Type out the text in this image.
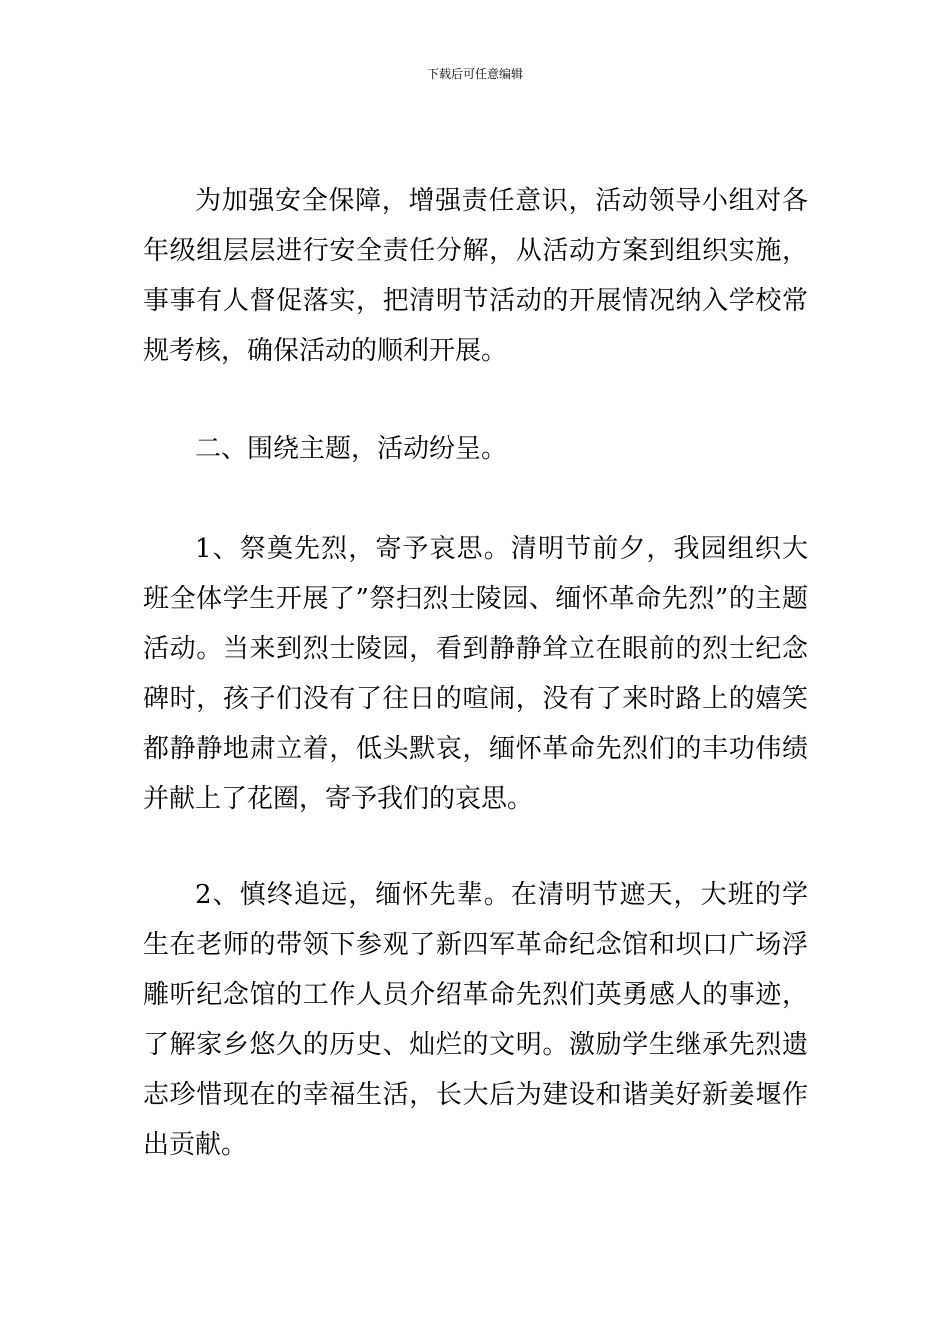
下载后可任意编辑

为加强安全保障，增强责任意识，活动领导小组对各年级组层层进行安全责任分解，从活动方案到组织实施，事事有人督促落实，把清明节活动的开展情况纳入学校常规考核，确保活动的顺利开展。

二、围绕主题，活动纷呈。

1、祭奠先烈，寄予哀思。清明节前夕，我园组织大班全体学生开展了”祭扫烈士陵园、缅怀革命先烈”的主题活动。当来到烈士陵园，看到静静耸立在眼前的烈士纪念碑时，孩子们没有了往日的喧闹，没有了来时路上的嬉笑都静静地肃立着，低头默哀，缅怀革命先烈们的丰功伟绩并献上了花圈，寄予我们的哀思。

2、慎终追远，缅怀先辈。在清明节遮天，大班的学生在老师的带领下参观了新四军革命纪念馆和坝口广场浮雕听纪念馆的工作人员介绍革命先烈们英勇感人的事迹，了解家乡悠久的历史、灿烂的文明。激励学生继承先烈遗志珍惜现在的幸福生活，长大后为建设和谐美好新姜堰作出贡献。
